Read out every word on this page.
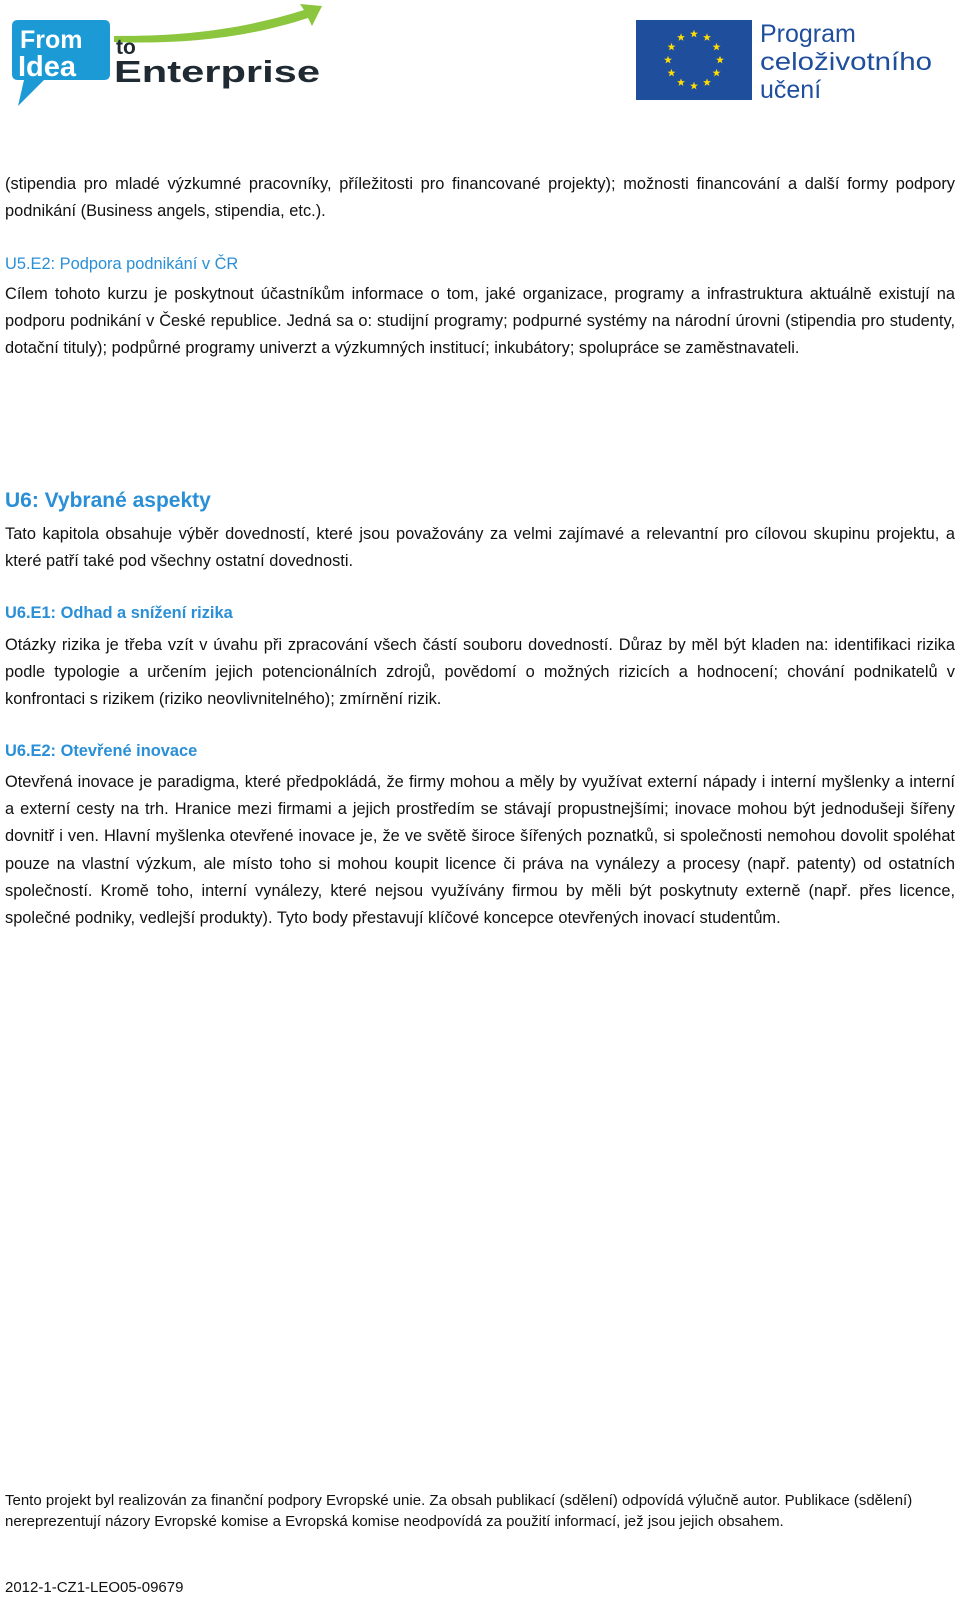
From
Idea
to
Enterprise
Program
celoživotního
učení

(stipendia pro mladé výzkumné pracovníky, příležitosti pro financované projekty); možnosti financování a další formy podpory podnikání (Business angels, stipendia, etc.).

U5.E2: Podpora podnikání v ČR

Cílem tohoto kurzu je poskytnout účastníkům informace o tom, jaké organizace, programy a infrastruktura aktuálně existují na podporu podnikání v České republice. Jedná sa o: studijní programy; podpurné systémy na národní úrovni (stipendia pro studenty, dotační tituly); podpůrné programy univerzt a výzkumných institucí; inkubátory; spolupráce se zaměstnavateli.

U6: Vybrané aspekty

Tato kapitola obsahuje výběr dovedností, které jsou považovány za velmi zajímavé a relevantní pro cílovou skupinu projektu, a které patří také pod všechny ostatní dovednosti.

U6.E1: Odhad a snížení rizika

Otázky rizika je třeba vzít v úvahu při zpracování všech částí souboru dovedností. Důraz by měl být kladen na: identifikaci rizika podle typologie a určením jejich potencionálních zdrojů, povědomí o možných rizicích a hodnocení; chování podnikatelů v konfrontaci s rizikem (riziko neovlivnitelného); zmírnění rizik.

U6.E2: Otevřené inovace

Otevřená inovace je paradigma, které předpokládá, že firmy mohou a měly by využívat externí nápady i interní myšlenky a interní a externí cesty na trh. Hranice mezi firmami a jejich prostředím se stávají propustnejšími; inovace mohou být jednodušeji šířeny dovnitř i ven. Hlavní myšlenka otevřené inovace je, že ve světě široce šířených poznatků, si společnosti nemohou dovolit spoléhat pouze na vlastní výzkum, ale místo toho si mohou koupit licence či práva na vynálezy a procesy (např. patenty) od ostatních společností. Kromě toho, interní vynálezy, které nejsou využívány firmou by měli být poskytnuty externě (např. přes licence, společné podniky, vedlejší produkty). Tyto body přestavují klíčové koncepce otevřených inovací studentům.

Tento projekt byl realizován za finanční podpory Evropské unie. Za obsah publikací (sdělení) odpovídá výlučně autor. Publikace (sdělení) nereprezentují názory Evropské komise a Evropská komise neodpovídá za použití informací, jež jsou jejich obsahem.

2012-1-CZ1-LEO05-09679
